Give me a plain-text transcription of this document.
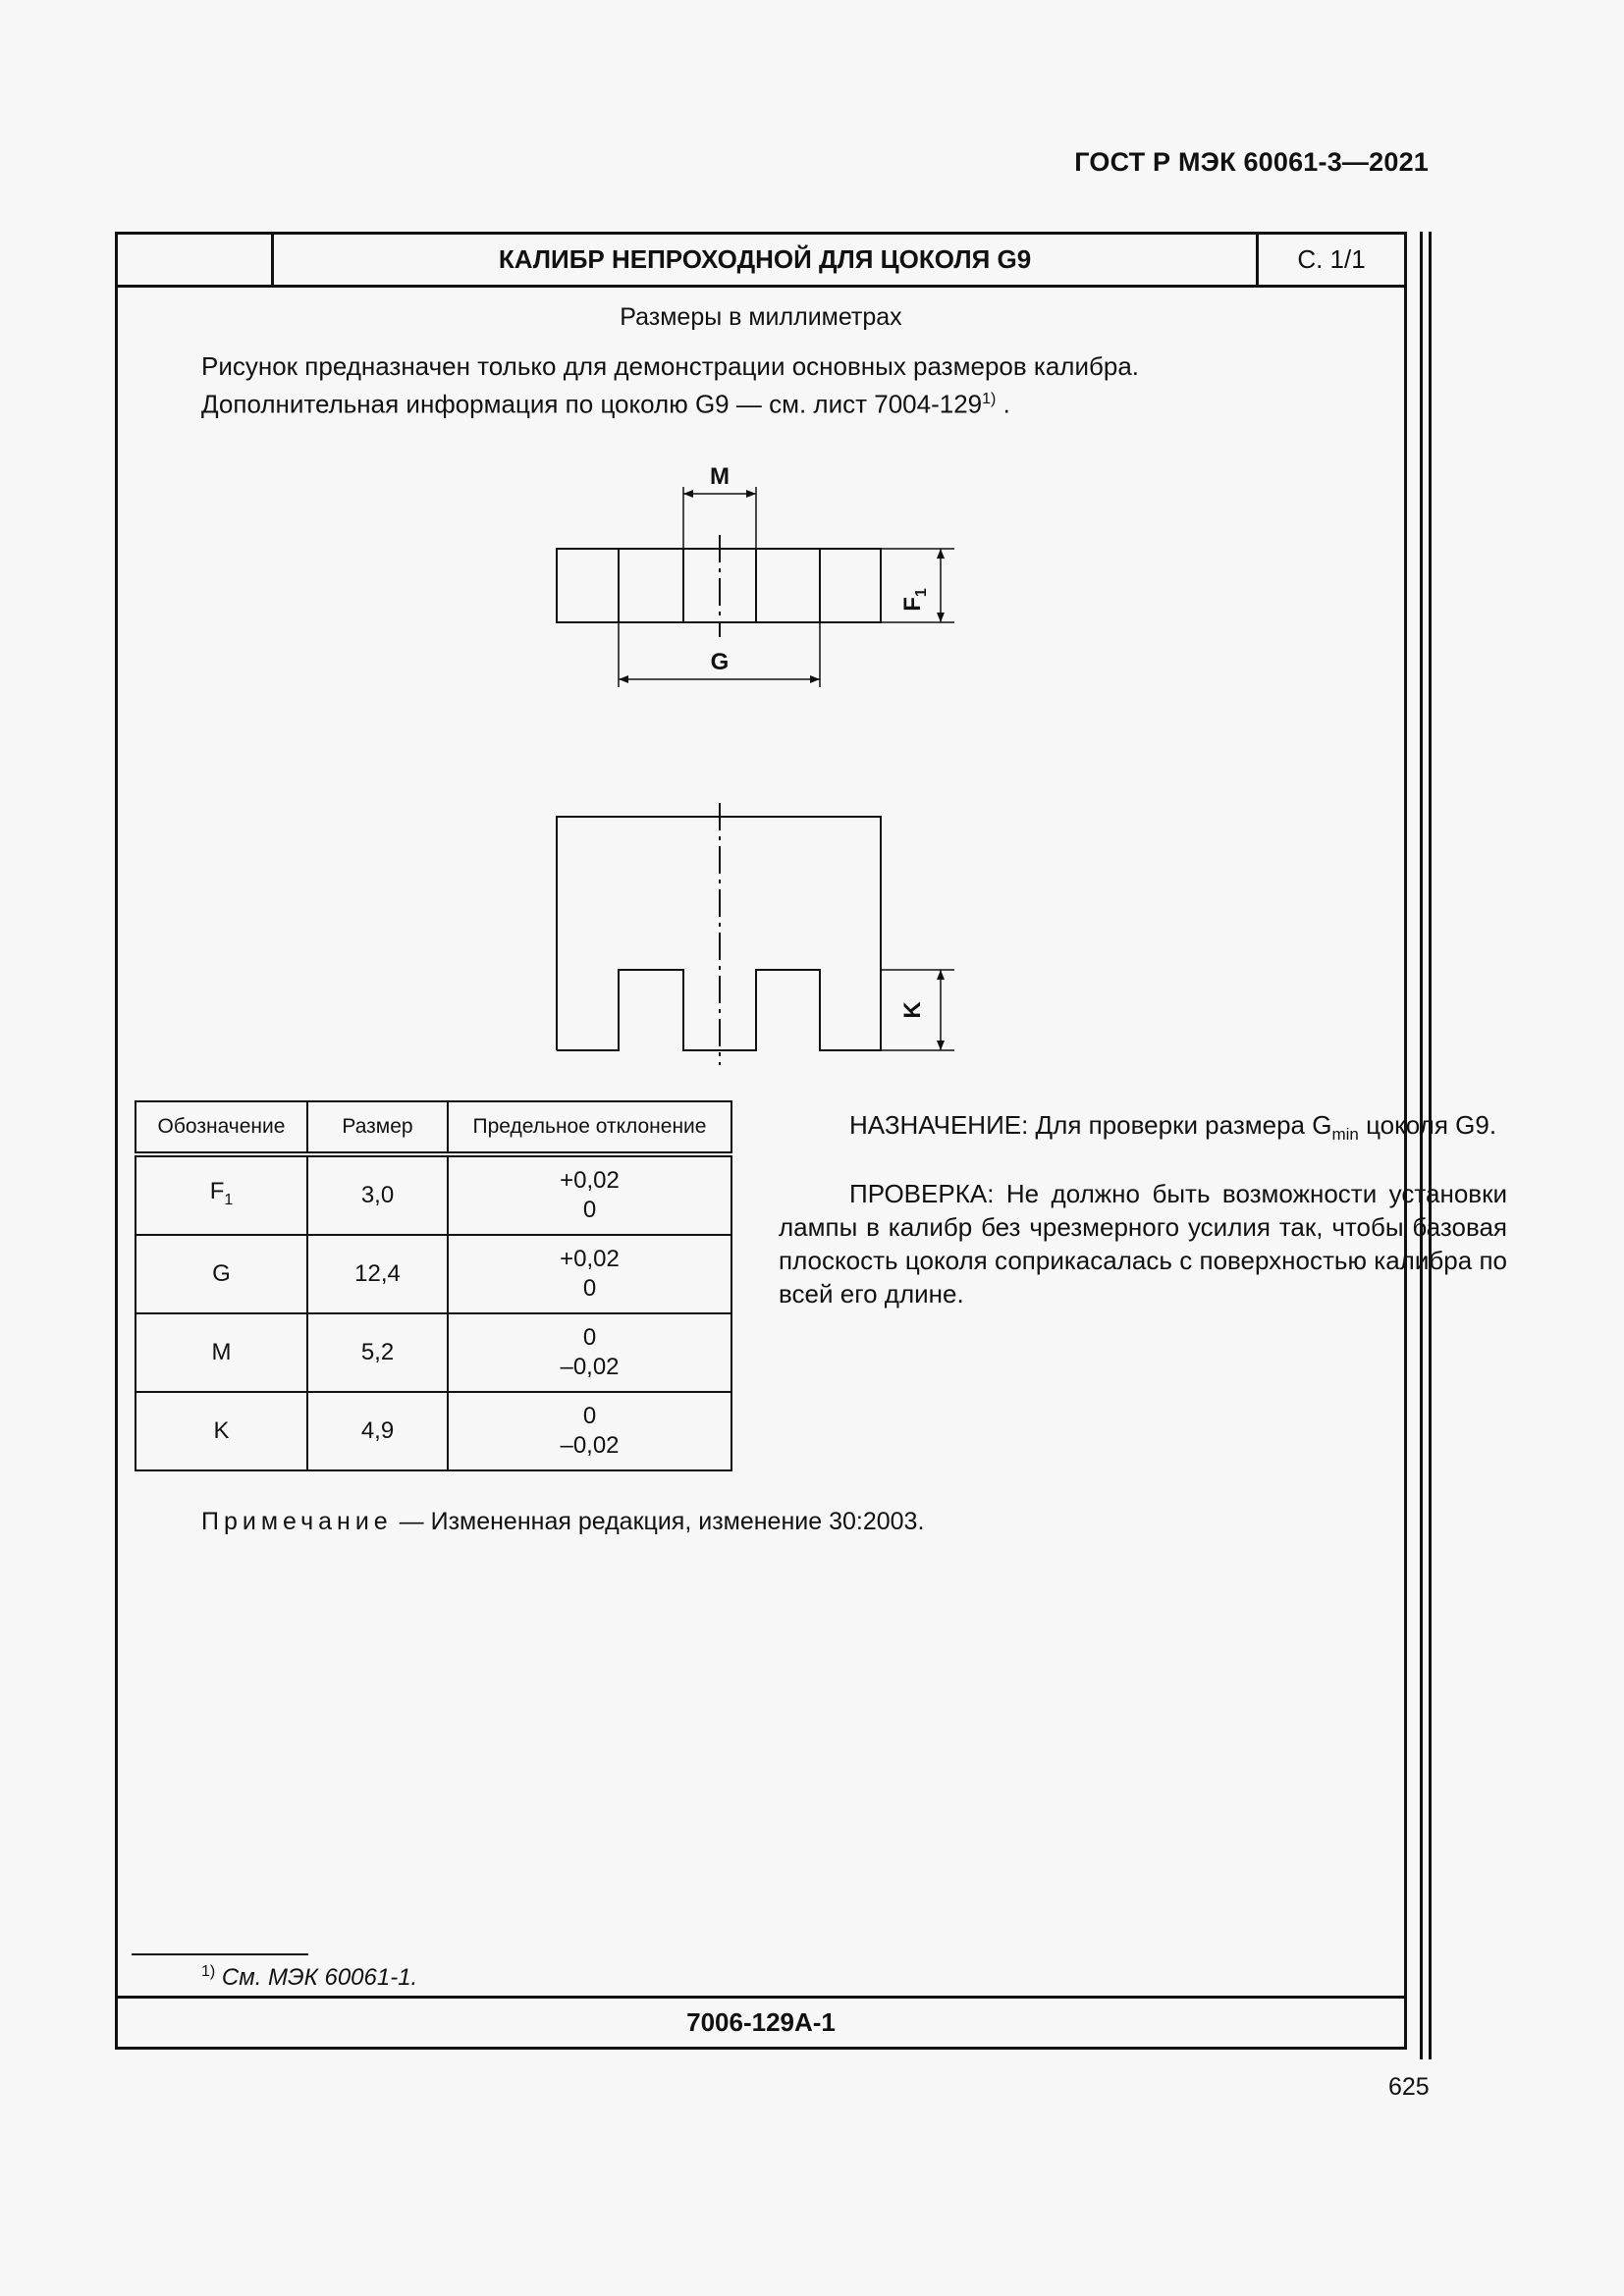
ГОСТ Р МЭК 60061-3—2021
КАЛИБР НЕПРОХОДНОЙ ДЛЯ ЦОКОЛЯ G9	С. 1/1
Размеры в миллиметрах
Рисунок предназначен только для демонстрации основных размеров калибра.
Дополнительная информация по цоколю G9 — см. лист 7004-129$^{1)}$ .
M
G
$F_1$
K
Обозначение	Размер	Предельное отклонение
$F_1$	3,0	+0,02
0

G	12,4	+0,02
0

M	5,2	0
–0,02

K	4,9	0
–0,02

НАЗНАЧЕНИЕ: Для проверки размера $G_{min}$ цоколя G9.

ПРОВЕРКА: Не должно быть возможности установки лампы в калибр без чрезмерного усилия так, чтобы базовая плоскость цоколя соприкасалась с поверхностью калибра по всей его длине.

Примечание — Измененная редакция, изменение 30:2003.
$^{1)}$ См. МЭК 60061-1.
7006-129A-1
625
